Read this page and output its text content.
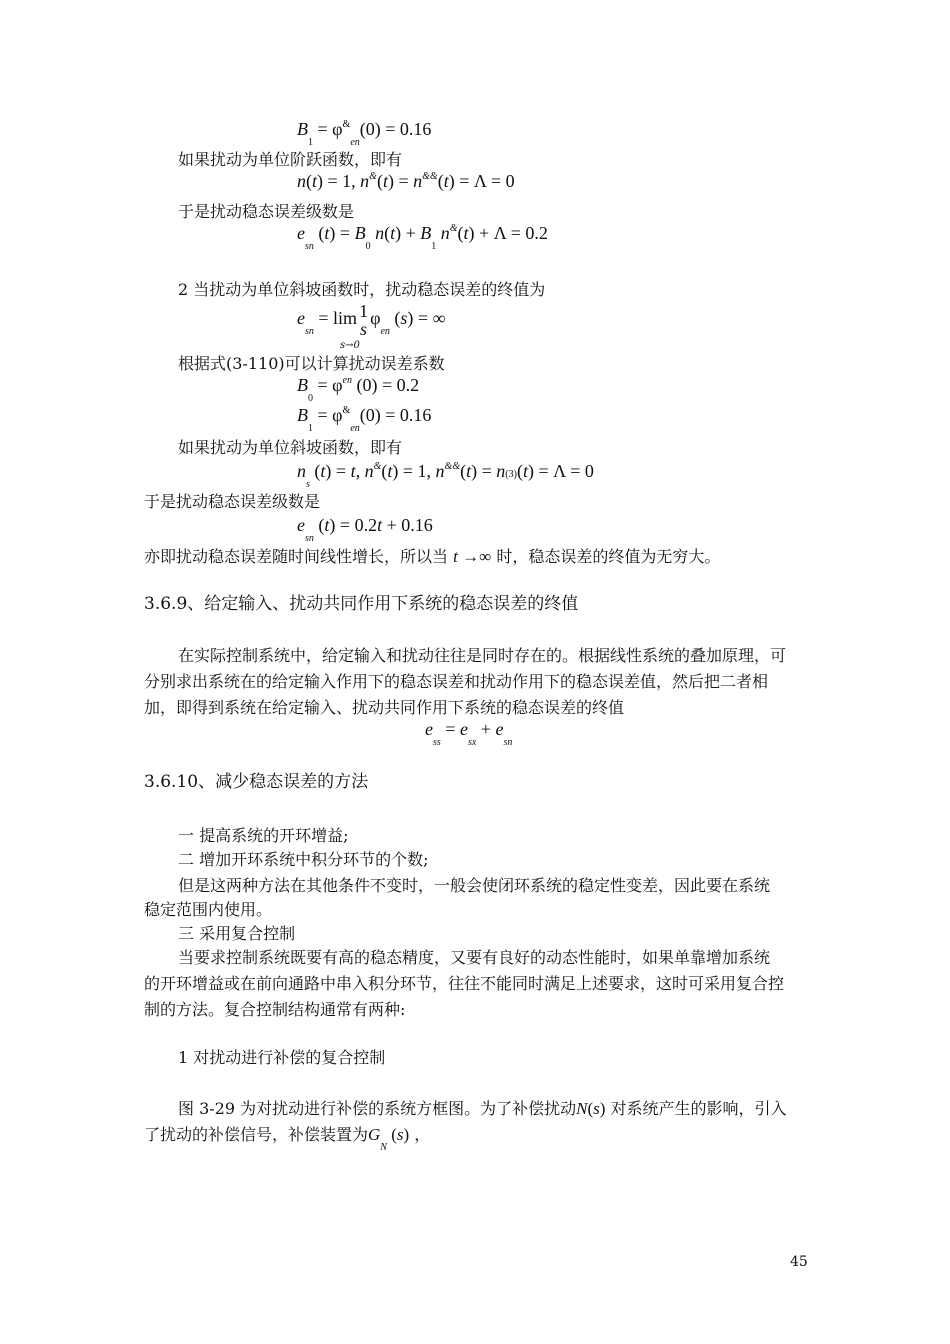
$B_1 = \varphi^{\&}_{en}(0) = 0.16$
如果扰动为单位阶跃函数，即有
n(t) = 1, n&(t) = n&&(t) = Λ = 0
于是扰动稳态误差级数是
$e_{sn}$ $(t) = B_0$ $n(t) + B_1$ n&(t) + Λ = 0.2
2 当扰动为单位斜坡函数时，扰动稳态误差的终值为
$e_{sn} = \lim 1$
s
$\varphi_{en}$ (s) = ∞
s→0
根据式(3-110)可以计算扰动误差系数
$B_0 = \varphi^{en}$ (0) = 0.2
$B_1 = \varphi^{\&}_{en}(0) = 0.16$
如果扰动为单位斜坡函数，即有
$n_s$ (t) = t, n&(t) = 1, n&&(t) = n(3)(t) = Λ = 0
于是扰动稳态误差级数是
$e_{sn}$ (t) = 0.2t + 0.16
亦即扰动稳态误差随时间线性增长，所以当 t →∞ 时，稳态误差的终值为无穷大。
3.6.9、给定输入、扰动共同作用下系统的稳态误差的终值
在实际控制系统中，给定输入和扰动往往是同时存在的。根据线性系统的叠加原理，可
分别求出系统在的给定输入作用下的稳态误差和扰动作用下的稳态误差值，然后把二者相
加，即得到系统在给定输入、扰动共同作用下系统的稳态误差的终值
$e_{ss} = e_{sx} + e_{sn}$
3.6.10、减少稳态误差的方法
一 提高系统的开环增益;
二 增加开环系统中积分环节的个数;
但是这两种方法在其他条件不变时，一般会使闭环系统的稳定性变差，因此要在系统
稳定范围内使用。
三 采用复合控制
当要求控制系统既要有高的稳态精度，又要有良好的动态性能时，如果单靠增加系统
的开环增益或在前向通路中串入积分环节，往往不能同时满足上述要求，这时可采用复合控
制的方法。复合控制结构通常有两种:
1 对扰动进行补偿的复合控制
图 3-29 为对扰动进行补偿的系统方框图。为了补偿扰动N(s) 对系统产生的影响，引入
了扰动的补偿信号，补偿装置为$G_N$ (s) ，
45
